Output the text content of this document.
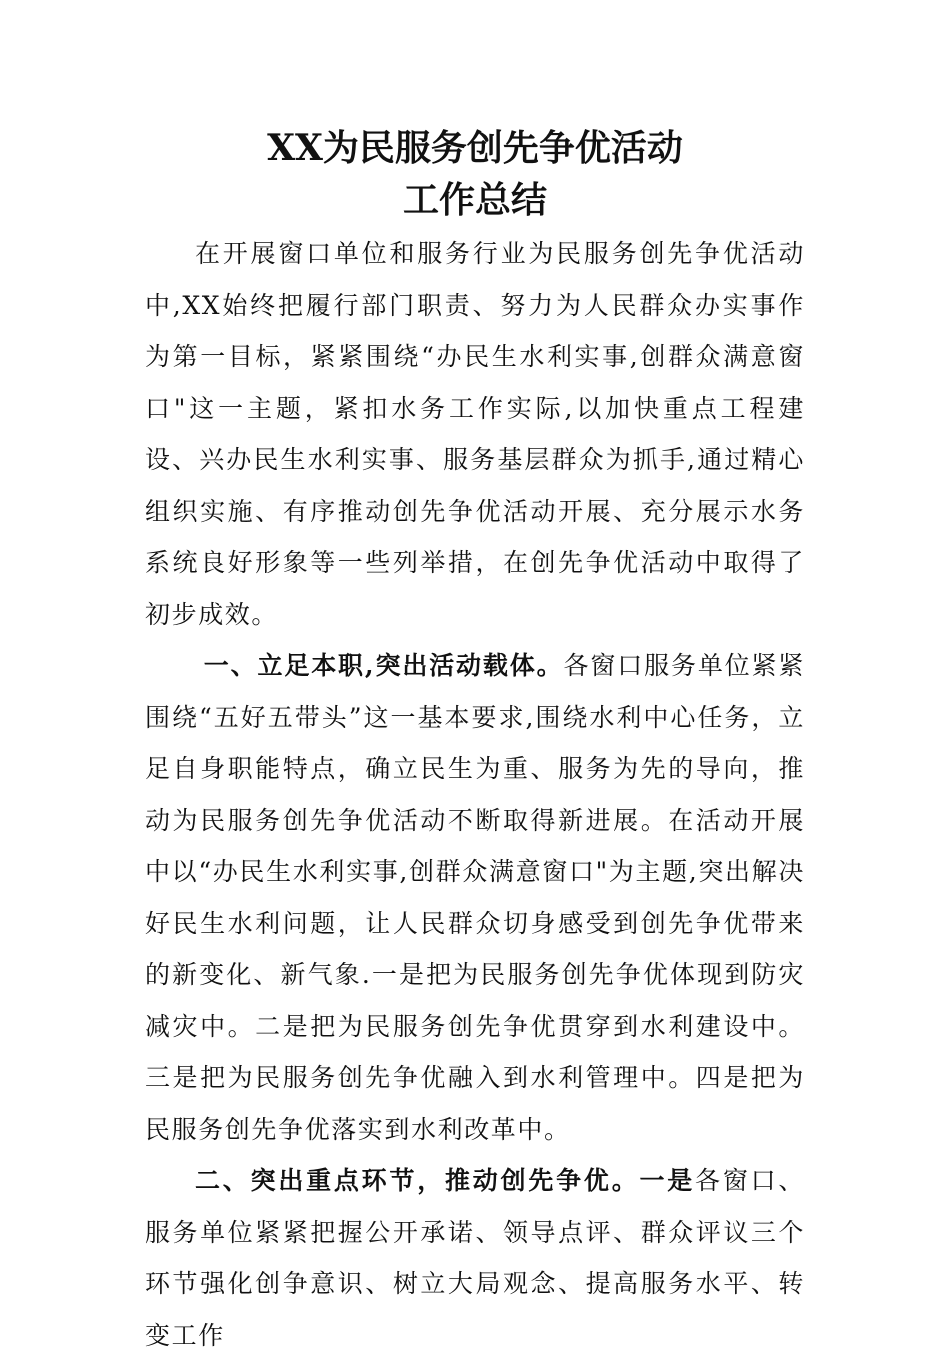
XX为民服务创先争优活动
工作总结

在开展窗口单位和服务行业为民服务创先争优活动中,XX始终把履行部门职责、努力为人民群众办实事作为第一目标，紧紧围绕“办民生水利实事,创群众满意窗口"这一主题，紧扣水务工作实际,以加快重点工程建设、兴办民生水利实事、服务基层群众为抓手,通过精心组织实施、有序推动创先争优活动开展、充分展示水务系统良好形象等一些列举措，在创先争优活动中取得了初步成效。

一、立足本职,突出活动载体。各窗口服务单位紧紧围绕“五好五带头”这一基本要求,围绕水利中心任务，立足自身职能特点，确立民生为重、服务为先的导向，推动为民服务创先争优活动不断取得新进展。在活动开展中以“办民生水利实事,创群众满意窗口"为主题,突出解决好民生水利问题，让人民群众切身感受到创先争优带来的新变化、新气象.一是把为民服务创先争优体现到防灾减灾中。二是把为民服务创先争优贯穿到水利建设中。三是把为民服务创先争优融入到水利管理中。四是把为民服务创先争优落实到水利改革中。

二、突出重点环节，推动创先争优。一是各窗口、服务单位紧紧把握公开承诺、领导点评、群众评议三个环节强化创争意识、树立大局观念、提高服务水平、转变工作
